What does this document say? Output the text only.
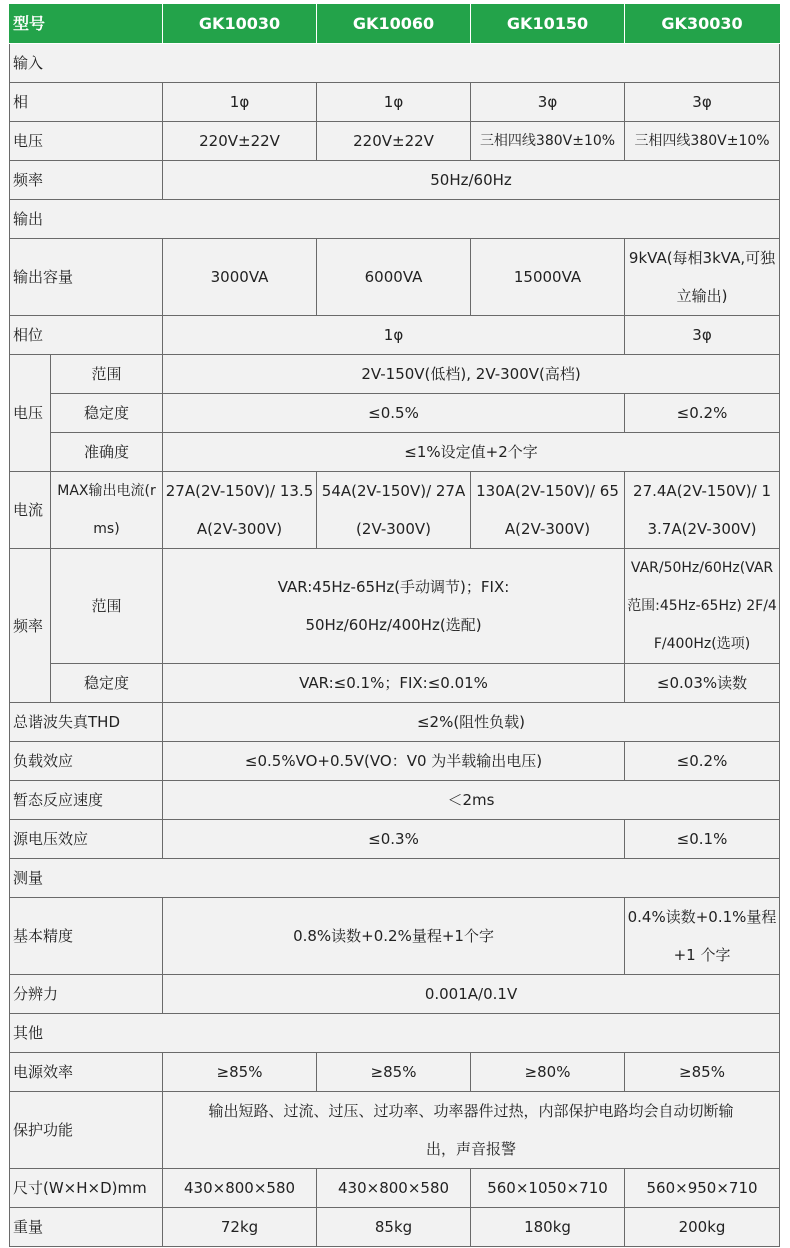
型号		GK10030	GK10060	GK10150	GK30030
输入					
相		1φ	1φ	3φ	3φ
电压		220V±22V	220V±22V	三相四线380V±10%	三相四线380V±10%
频率		50Hz/60Hz			
输出					
输出容量		3000VA	6000VA	15000VA	9kVA(每相3kVA,可独立输出)
相位		1φ			3φ
电压	范围	2V-150V(低档), 2V-300V(高档)			
	稳定度	≤0.5%			≤0.2%
	准确度	≤1%设定值+2个字			
电流	MAX输出电流(rms)	27A(2V-150V)/ 13.5A(2V-300V)	54A(2V-150V)/ 27A(2V-300V)	130A(2V-150V)/ 65A(2V-300V)	27.4A(2V-150V)/ 13.7A(2V-300V)
频率	范围	VAR:45Hz-65Hz(手动调节)；FIX:50Hz/60Hz/400Hz(选配)			VAR/50Hz/60Hz(VAR范围:45Hz-65Hz) 2F/4F/400Hz(选项)
	稳定度	VAR:≤0.1%；FIX:≤0.01%			≤0.03%读数
总谐波失真THD		≤2%(阻性负载)			
负载效应		≤0.5%VO+0.5V(VO：V0 为半载输出电压)			≤0.2%
暂态反应速度		＜2ms			
源电压效应		≤0.3%			≤0.1%
测量					
基本精度		0.8%读数+0.2%量程+1个字			0.4%读数+0.1%量程+1 个字
分辨力		0.001A/0.1V			
其他					
电源效率		≥85%	≥85%	≥80%	≥85%
保护功能		输出短路、过流、过压、过功率、功率器件过热，内部保护电路均会自动切断输出，声音报警			
尺寸(W×H×D)mm		430×800×580	430×800×580	560×1050×710	560×950×710
重量		72kg	85kg	180kg	200kg
